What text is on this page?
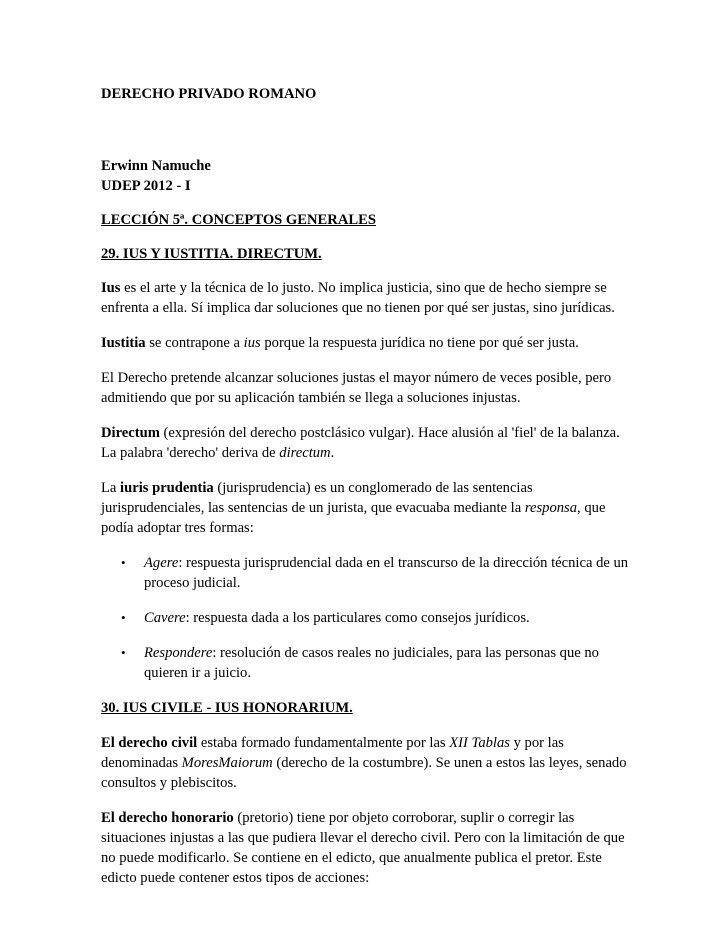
DERECHO PRIVADO ROMANO

Erwinn Namuche

UDEP 2012 - I

LECCIÓN 5ª. CONCEPTOS GENERALES

29. IUS Y IUSTITIA. DIRECTUM.

Ius es el arte y la técnica de lo justo. No implica justicia, sino que de hecho siempre se enfrenta a ella. Sí implica dar soluciones que no tienen por qué ser justas, sino jurídicas.

Iustitia se contrapone a ius porque la respuesta jurídica no tiene por qué ser justa.

El Derecho pretende alcanzar soluciones justas el mayor número de veces posible, pero admitiendo que por su aplicación también se llega a soluciones injustas.

Directum (expresión del derecho postclásico vulgar). Hace alusión al 'fiel' de la balanza. La palabra 'derecho' deriva de directum.

La iuris prudentia (jurisprudencia) es un conglomerado de las sentencias jurisprudenciales, las sentencias de un jurista, que evacuaba mediante la responsa, que podía adoptar tres formas:

• Agere: respuesta jurisprudencial dada en el transcurso de la dirección técnica de un proceso judicial.
• Cavere: respuesta dada a los particulares como consejos jurídicos.
• Respondere: resolución de casos reales no judiciales, para las personas que no quieren ir a juicio.

30. IUS CIVILE - IUS HONORARIUM.

El derecho civil estaba formado fundamentalmente por las XII Tablas y por las denominadas MoresMaiorum (derecho de la costumbre). Se unen a estos las leyes, senado consultos y plebiscitos.

El derecho honorario (pretorio) tiene por objeto corroborar, suplir o corregir las situaciones injustas a las que pudiera llevar el derecho civil. Pero con la limitación de que no puede modificarlo. Se contiene en el edicto, que anualmente publica el pretor. Este edicto puede contener estos tipos de acciones:
